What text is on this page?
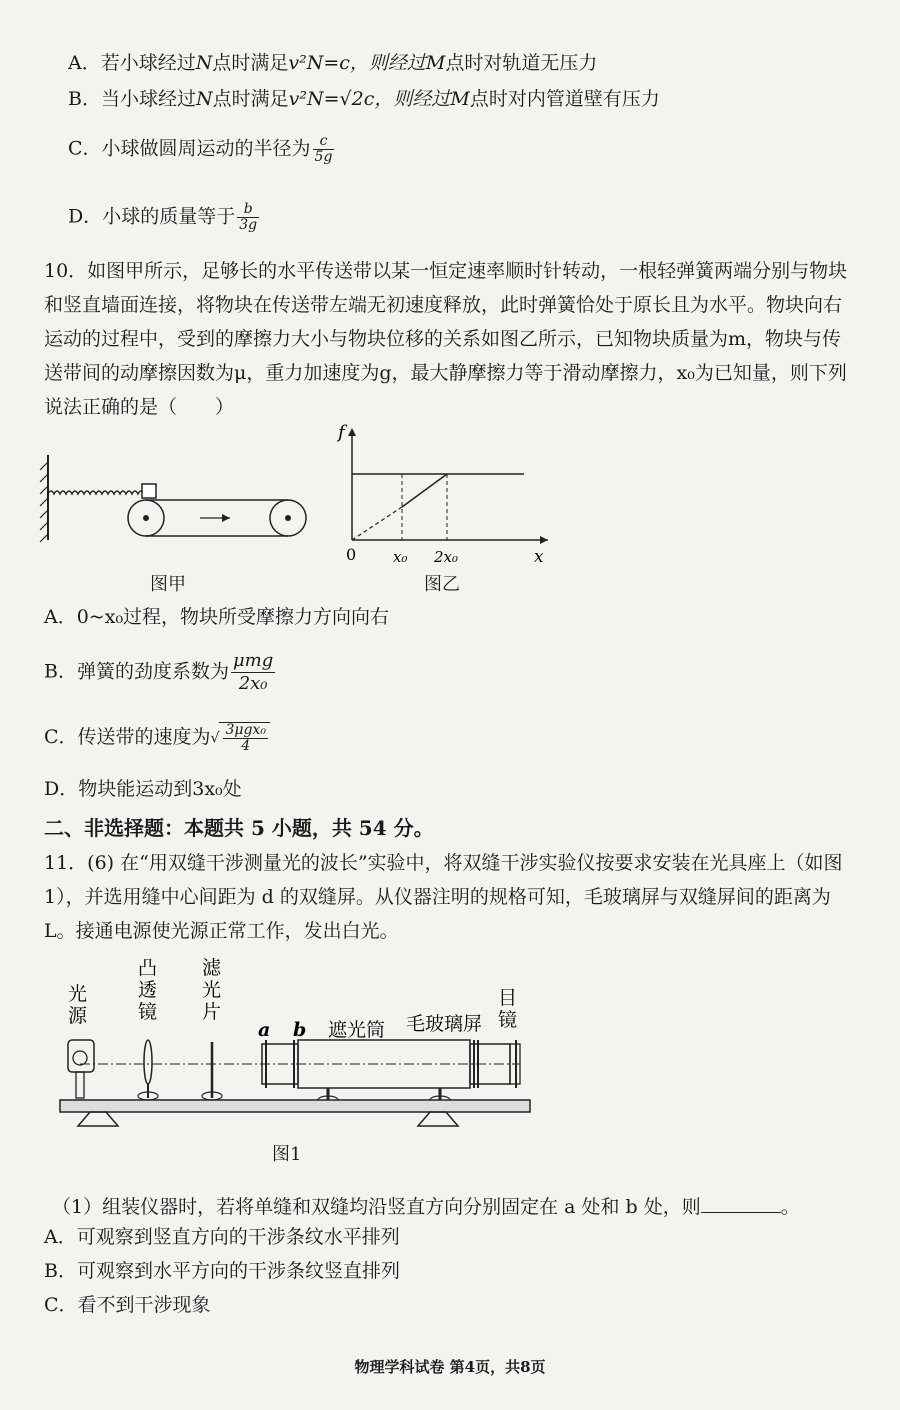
A．若小球经过N点时满足v²N=c，则经过M点时对轨道无压力
B．当小球经过N点时满足v²N=√2c，则经过M点时对内管道壁有压力
C．小球做圆周运动的半径为 $\frac{c}{5g}$
D．小球的质量等于 $\frac{b}{3g}$
10．如图甲所示，足够长的水平传送带以某一恒定速率顺时针转动，一根轻弹簧两端分别与物块和竖直墙面连接，将物块在传送带左端无初速度释放，此时弹簧恰处于原长且为水平。物块向右运动的过程中，受到的摩擦力大小与物块位移的关系如图乙所示，已知物块质量为m，物块与传送带间的动摩擦因数为μ，重力加速度为g，最大静摩擦力等于滑动摩擦力，x₀为已知量，则下列说法正确的是（　　）
图甲
f
x
0 x₀ 2x₀
图乙
A．0~x₀过程，物块所受摩擦力方向向右
B．弹簧的劲度系数为 $\frac{\text{μmg}}{\text{2x₀}}$
C．传送带的速度为√ $\frac{\text{3μgx₀}}{4}$
D．物块能运动到3x₀处
二、非选择题：本题共 5 小题，共 54 分。
11．(6) 在“用双缝干涉测量光的波长”实验中，将双缝干涉实验仪按要求安装在光具座上（如图 1），并选用缝中心间距为 d 的双缝屏。从仪器注明的规格可知，毛玻璃屏与双缝屏间的距离为 L。接通电源使光源正常工作，发出白光。
光
源
凸
透
镜
滤
光
片
a b 遮光筒 毛玻璃屏
目
镜
图1
（1）组装仪器时，若将单缝和双缝均沿竖直方向分别固定在 a 处和 b 处，则	。
A．可观察到竖直方向的干涉条纹水平排列
B．可观察到水平方向的干涉条纹竖直排列
C．看不到干涉现象
物理学科试卷 第4页，共8页
